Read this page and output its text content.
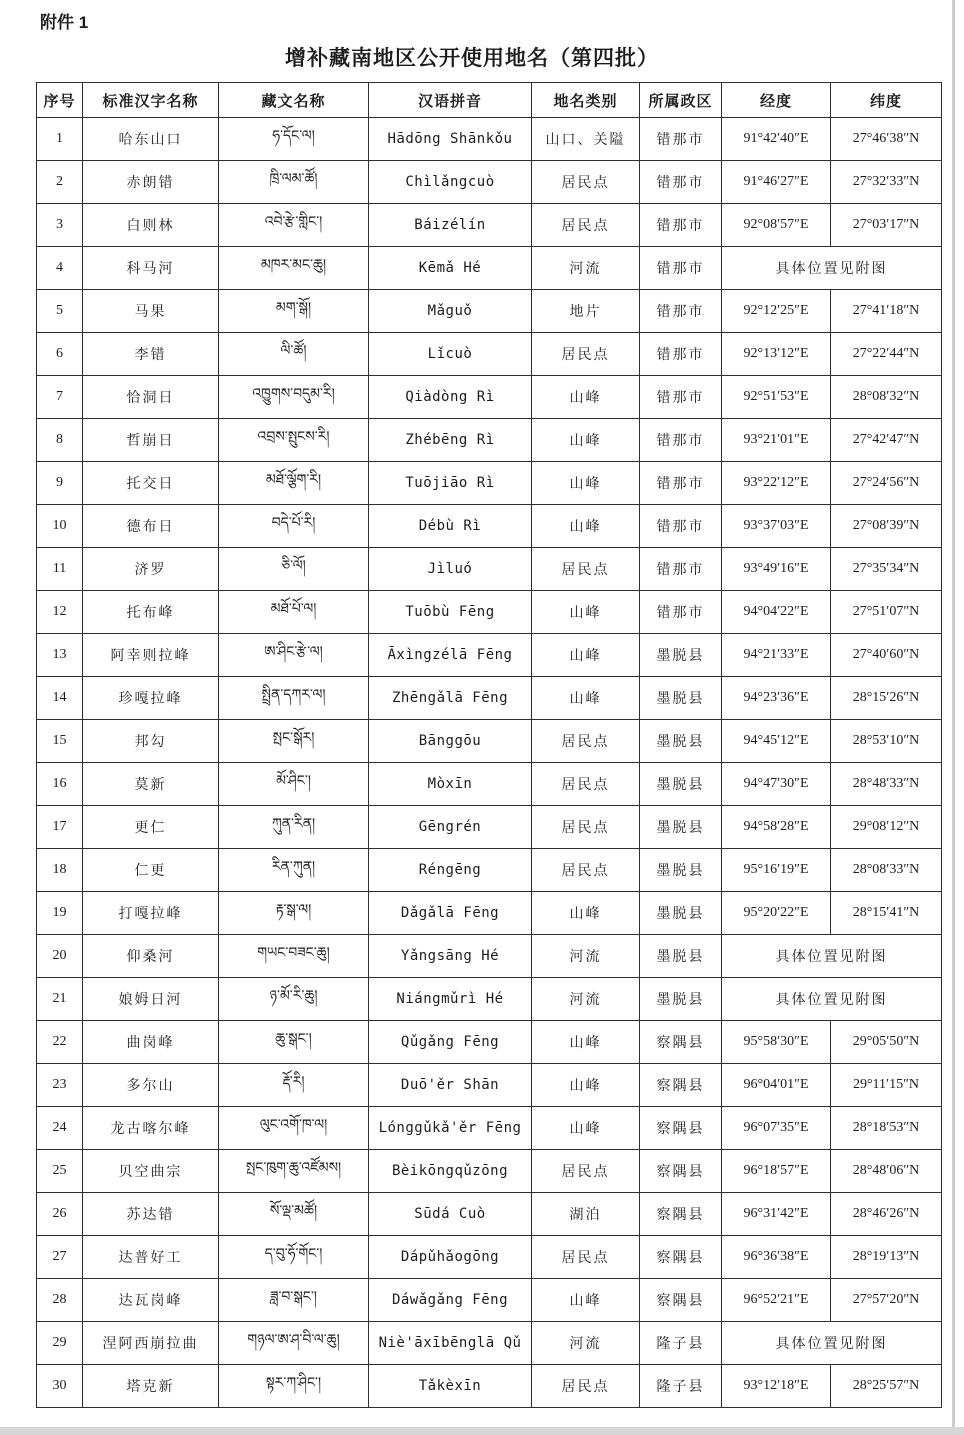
附件 1
增补藏南地区公开使用地名（第四批）
序号	标准汉字名称	藏文名称	汉语拼音	地名类别	所属政区	经度	纬度
1	哈东山口	ཧ་དོང་ལ།	Hādōng Shānkǒu	山口、关隘	错那市	91°42′40″E	27°46′38″N
2	赤朗错	ཁྲི་ལམ་ཚོ།	Chìlǎngcuò	居民点	错那市	91°46′27″E	27°32′33″N
3	白则林	འབེ་རྩེ་གླིང་།	Báizélín	居民点	错那市	92°08′57″E	27°03′17″N
4	科马河	མཁར་མང་ཆུ།	Kēmǎ Hé	河流	错那市	具体位置见附图	
5	马果	མག་སྒོ།	Mǎguǒ	地片	错那市	92°12′25″E	27°41′18″N
6	李错	ལི་ཚོ།	Lǐcuò	居民点	错那市	92°13′12″E	27°22′44″N
7	恰洞日	འཁྱུགས་བདུམ་རི།	Qiàdòng Rì	山峰	错那市	92°51′53″E	28°08′32″N
8	哲崩日	འབྲས་སྤུངས་རི།	Zhébēng Rì	山峰	错那市	93°21′01″E	27°42′47″N
9	托交日	མཐོ་ལྕོག་རི།	Tuōjiāo Rì	山峰	错那市	93°22′12″E	27°24′56″N
10	德布日	བདེ་པོ་རི།	Débù Rì	山峰	错那市	93°37′03″E	27°08′39″N
11	济罗	ཅི་ལོ།	Jìluó	居民点	错那市	93°49′16″E	27°35′34″N
12	托布峰	མཐོ་པོ་ལ།	Tuōbù Fēng	山峰	错那市	94°04′22″E	27°51′07″N
13	阿幸则拉峰	ཨ་ཤིང་རྩེ་ལ།	Āxìngzélā Fēng	山峰	墨脱县	94°21′33″E	27°40′60″N
14	珍嘎拉峰	སྤྲིན་དཀར་ལ།	Zhēngǎlā Fēng	山峰	墨脱县	94°23′36″E	28°15′26″N
15	邦勾	སྤང་སྒོར།	Bānggōu	居民点	墨脱县	94°45′12″E	28°53′10″N
16	莫新	མོ་ཤིང་།	Mòxīn	居民点	墨脱县	94°47′30″E	28°48′33″N
17	更仁	ཀུན་རིན།	Gēngrén	居民点	墨脱县	94°58′28″E	29°08′12″N
18	仁更	རིན་ཀུན།	Réngēng	居民点	墨脱县	95°16′19″E	28°08′33″N
19	打嘎拉峰	རྟ་སྒ་ལ།	Dǎgǎlā Fēng	山峰	墨脱县	95°20′22″E	28°15′41″N
20	仰桑河	གཡང་བཟང་ཆུ།	Yǎngsāng Hé	河流	墨脱县	具体位置见附图	
21	娘姆日河	ཉ་མོ་རི་ཆུ།	Niángmǔrì Hé	河流	墨脱县	具体位置见附图	
22	曲岗峰	ཆུ་སྒང་།	Qǔgǎng Fēng	山峰	察隅县	95°58′30″E	29°05′50″N
23	多尔山	རྡོ་རི།	Duō'ěr Shān	山峰	察隅县	96°04′01″E	29°11′15″N
24	龙古喀尔峰	ལུང་འགོ་ཁ་ལ།	Lónggǔkǎ'ěr Fēng	山峰	察隅县	96°07′35″E	28°18′53″N
25	贝空曲宗	སྤང་ཁུག་ཆུ་འཛོམས།	Bèikōngqǔzōng	居民点	察隅县	96°18′57″E	28°48′06″N
26	苏达错	སོ་ལྡ་མཚོ།	Sūdá Cuò	湖泊	察隅县	96°31′42″E	28°46′26″N
27	达普好工	ད་བུ་ཧོ་གོང་།	Dápǔhǎogōng	居民点	察隅县	96°36′38″E	28°19′13″N
28	达瓦岗峰	ཟླ་བ་སྒང་།	Dáwǎgǎng Fēng	山峰	察隅县	96°52′21″E	27°57′20″N
29	涅阿西崩拉曲	གཉལ་ཨ་ཤ་བི་ལ་ཆུ།	Niè'āxībēnglā Qǔ	河流	隆子县	具体位置见附图	
30	塔克新	སྟར་ཀ་ཤིང་།	Tǎkèxīn	居民点	隆子县	93°12′18″E	28°25′57″N
